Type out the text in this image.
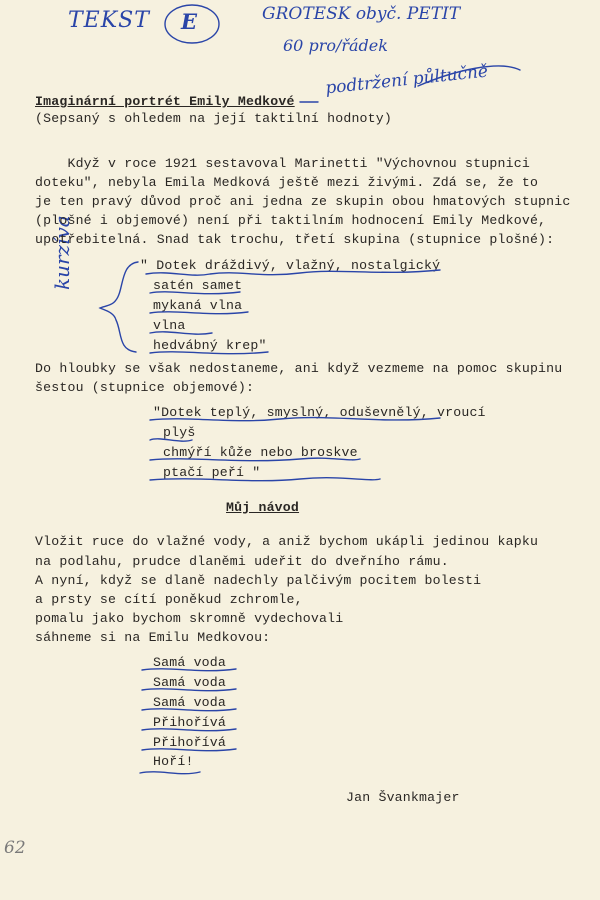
TEKST E	GROTESK obyč. PETIT
60 pro/řádek
podtržení půltučně
kurzíva
62
Imaginární portrét Emily Medkové
(Sepsaný s ohledem na její taktilní hodnoty)
Když v roce 1921 sestavoval Marinetti "Výchovnou stupnici
doteku", nebyla Emila Medková ještě mezi živými. Zdá se, že to
je ten pravý důvod proč ani jedna ze skupin obou hmatových stupnic
(plošné i objemové) není při taktilním hodnocení Emily Medkové,
upotřebitelná. Snad tak trochu, třetí skupina (stupnice plošné):
" Dotek dráždivý, vlažný, nostalgický
satén samet
mykaná vlna
vlna
hedvábný krep"
Do hloubky se však nedostaneme, ani když vezmeme na pomoc skupinu
šestou (stupnice objemové):
"Dotek teplý, smyslný, oduševnělý, vroucí
plyš
chmýří kůže nebo broskve
ptačí peří "
Můj návod
Vložit ruce do vlažné vody, a aniž bychom ukápli jedinou kapku
na podlahu, prudce dlaněmi udeřit do dveřního rámu.
A nyní, když se dlaně nadechly palčivým pocitem bolesti
a prsty se cítí poněkud zchromle,
pomalu jako bychom skromně vydechovali
sáhneme si na Emilu Medkovou:
Samá voda
Samá voda
Samá voda
Přihořívá
Přihořívá
Hoří!
Jan Švankmajer
